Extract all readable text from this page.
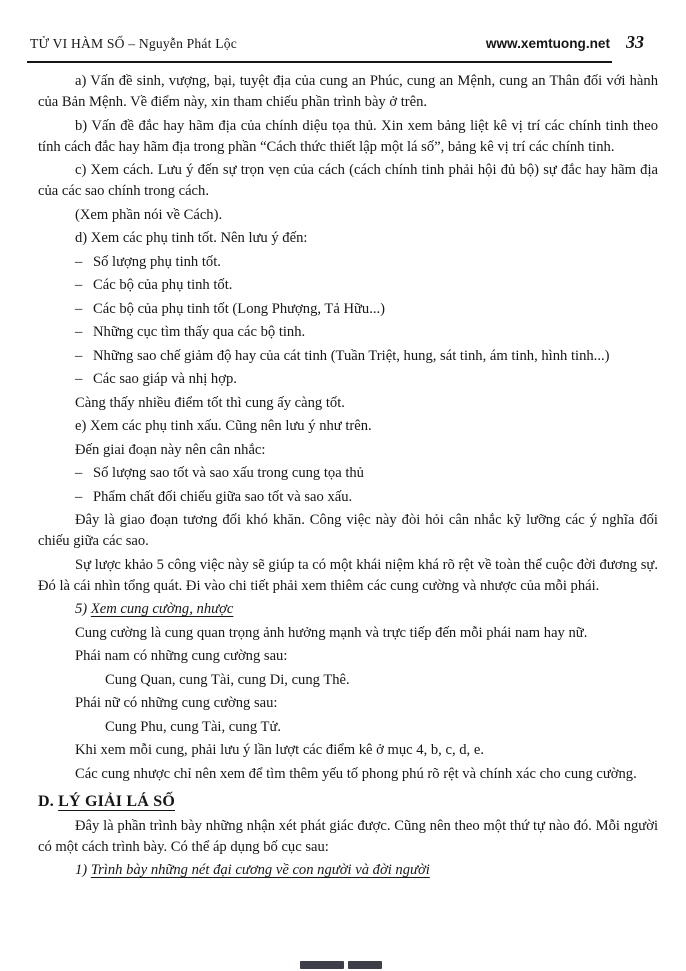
TỬ VI HÀM SỐ – Nguyễn Phát Lộc	www.xemtuong.net 33

a) Vấn đề sinh, vượng, bại, tuyệt địa của cung an Phúc, cung an Mệnh, cung an Thân đối với hành của Bản Mệnh. Về điểm này, xin tham chiếu phần trình bày ở trên.

b) Vấn đề đắc hay hãm địa của chính diệu tọa thủ. Xin xem bảng liệt kê vị trí các chính tinh theo tính cách đắc hay hãm địa trong phần “Cách thức thiết lập một lá số”, bảng kê vị trí các chính tinh.

c) Xem cách. Lưu ý đến sự trọn vẹn của cách (cách chính tinh phải hội đủ bộ) sự đắc hay hãm địa của các sao chính trong cách.

(Xem phần nói về Cách).

d) Xem các phụ tinh tốt. Nên lưu ý đến:

– Số lượng phụ tinh tốt.
– Các bộ của phụ tinh tốt.
– Các bộ của phụ tinh tốt (Long Phượng, Tả Hữu...)
– Những cục tìm thấy qua các bộ tinh.
– Những sao chế giảm độ hay của cát tinh (Tuần Triệt, hung, sát tinh, ám tinh, hình tinh...)
– Các sao giáp và nhị hợp.

Càng thấy nhiều điểm tốt thì cung ấy càng tốt.

e) Xem các phụ tinh xấu. Cũng nên lưu ý như trên.

Đến giai đoạn này nên cân nhắc:

– Số lượng sao tốt và sao xấu trong cung tọa thủ
– Phẩm chất đối chiếu giữa sao tốt và sao xấu.

Đây là giao đoạn tương đối khó khăn. Công việc này đòi hỏi cân nhắc kỹ lưỡng các ý nghĩa đối chiếu giữa các sao.

Sự lược khảo 5 công việc này sẽ giúp ta có một khái niệm khá rõ rệt về toàn thể cuộc đời đương sự. Đó là cái nhìn tổng quát. Đi vào chi tiết phải xem thiêm các cung cường và nhược của mỗi phái.

5) Xem cung cường, nhược

Cung cường là cung quan trọng ảnh hưởng mạnh và trực tiếp đến mỗi phái nam hay nữ.

Phái nam có những cung cường sau:

Cung Quan, cung Tài, cung Di, cung Thê.

Phái nữ có những cung cường sau:

Cung Phu, cung Tài, cung Tử.

Khi xem mỗi cung, phải lưu ý lần lượt các điểm kê ở mục 4, b, c, d, e.

Các cung nhược chỉ nên xem để tìm thêm yếu tố phong phú rõ rệt và chính xác cho cung cường.

D. LÝ GIẢI LÁ SỐ

Đây là phần trình bày những nhận xét phát giác được. Cũng nên theo một thứ tự nào đó. Mỗi người có một cách trình bày. Có thể áp dụng bố cục sau:

1) Trình bày những nét đại cương về con người và đời người
